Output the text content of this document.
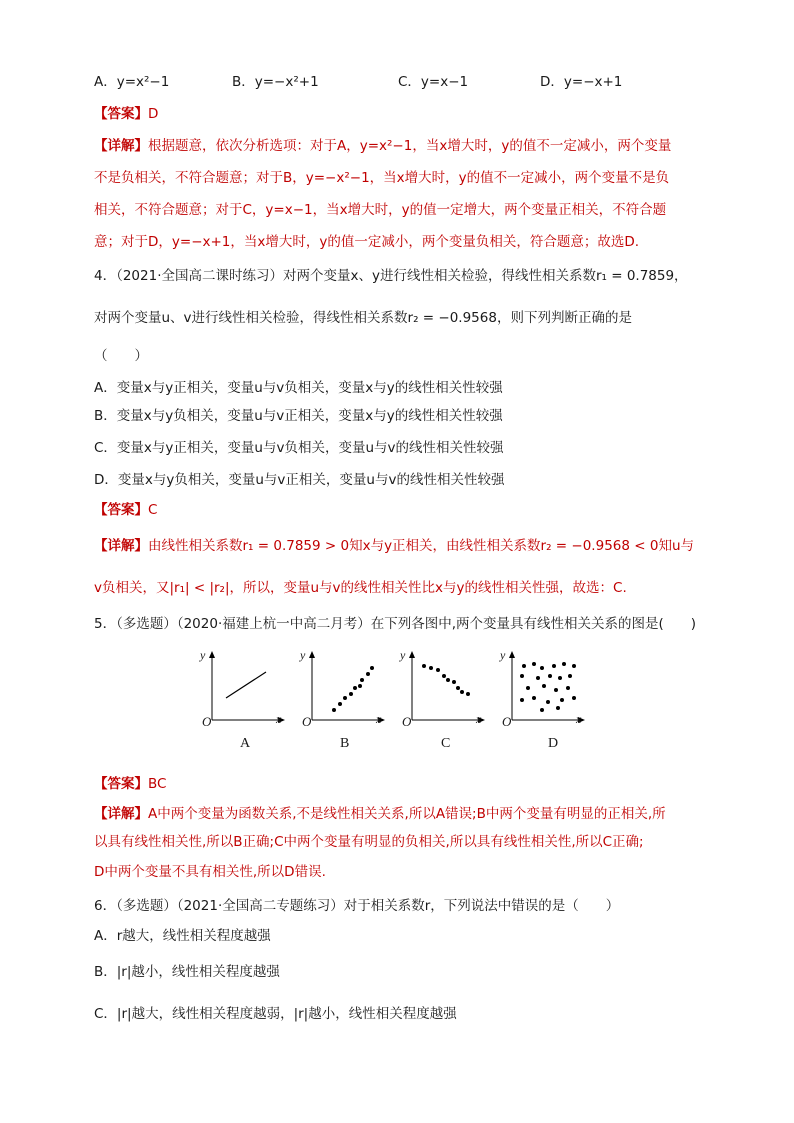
A．y=x²−1	B．y=−x²+1	C．y=x−1	D．y=−x+1
【答案】D
【详解】根据题意，依次分析选项：对于A，y=x²−1，当x增大时，y的值不一定减小，两个变量
不是负相关，不符合题意；对于B，y=−x²−1，当x增大时，y的值不一定减小，两个变量不是负
相关，不符合题意；对于C，y=x−1，当x增大时，y的值一定增大，两个变量正相关，不符合题
意；对于D，y=−x+1，当x增大时，y的值一定减小，两个变量负相关，符合题意；故选D.
4．（2021·全国高二课时练习）对两个变量x、y进行线性相关检验，得线性相关系数r₁ = 0.7859，
对两个变量u、v进行线性相关检验，得线性相关系数r₂ = −0.9568，则下列判断正确的是
（　　）
A．变量x与y正相关，变量u与v负相关，变量x与y的线性相关性较强
B．变量x与y负相关，变量u与v正相关，变量x与y的线性相关性较强
C．变量x与y正相关，变量u与v负相关，变量u与v的线性相关性较强
D．变量x与y负相关，变量u与v正相关，变量u与v的线性相关性较强
【答案】C
【详解】由线性相关系数r₁ = 0.7859 > 0知x与y正相关，由线性相关系数r₂ = −0.9568 < 0知u与
v负相关，又|r₁| < |r₂|，所以，变量u与v的线性相关性比x与y的线性相关性强，故选：C.
5．（多选题）（2020·福建上杭一中高二月考）在下列各图中,两个变量具有线性相关关系的图是(　　)
y	y	y	y
x	x	x	x
O	O	O	O
A	B	C	D
【答案】BC
【详解】A中两个变量为函数关系,不是线性相关关系,所以A错误;B中两个变量有明显的正相关,所
以具有线性相关性,所以B正确;C中两个变量有明显的负相关,所以具有线性相关性,所以C正确;
D中两个变量不具有相关性,所以D错误.
6．（多选题）（2021·全国高二专题练习）对于相关系数r，下列说法中错误的是（　　）
A．r越大，线性相关程度越强
B．|r|越小，线性相关程度越强
C．|r|越大，线性相关程度越弱，|r|越小，线性相关程度越强
